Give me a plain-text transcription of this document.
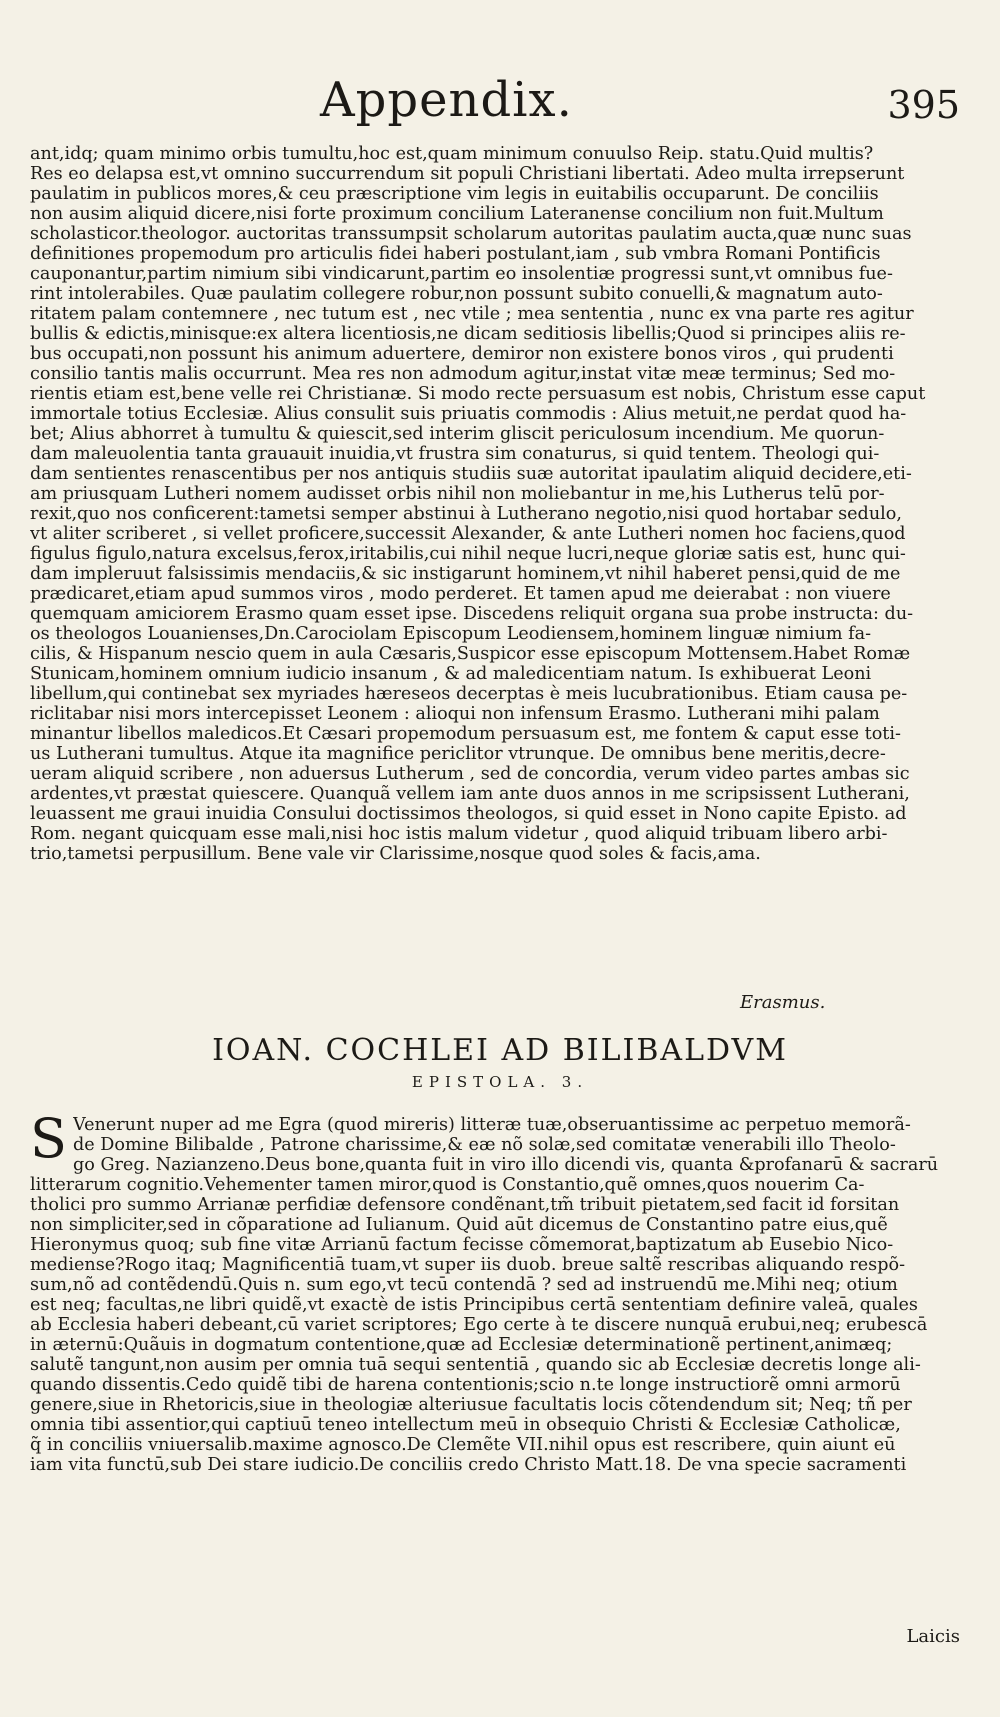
Appendix.	395
ant,idq; quam minimo orbis tumultu,hoc est,quam minimum conuulso Reip. statu.Quid multis?
Res eo delapsa est,vt omnino succurrendum sit populi Christiani libertati. Adeo multa irrepserunt
paulatim in publicos mores,& ceu præscriptione vim legis in euitabilis occuparunt. De conciliis
non ausim aliquid dicere,nisi forte proximum concilium Lateranense concilium non fuit.Multum
scholasticor.theologor. auctoritas transsumpsit scholarum autoritas paulatim aucta,quæ nunc suas
definitiones propemodum pro articulis fidei haberi postulant,iam , sub vmbra Romani Pontificis
cauponantur,partim nimium sibi vindicarunt,partim eo insolentiæ progressi sunt,vt omnibus fue-
rint intolerabiles. Quæ paulatim collegere robur,non possunt subito conuelli,& magnatum auto-
ritatem palam contemnere , nec tutum est , nec vtile ; mea sententia , nunc ex vna parte res agitur
bullis & edictis,minisque:ex altera licentiosis,ne dicam seditiosis libellis;Quod si principes aliis re-
bus occupati,non possunt his animum aduertere, demiror non existere bonos viros , qui prudenti
consilio tantis malis occurrunt. Mea res non admodum agitur,instat vitæ meæ terminus; Sed mo-
rientis etiam est,bene velle rei Christianæ. Si modo recte persuasum est nobis, Christum esse caput
immortale totius Ecclesiæ. Alius consulit suis priuatis commodis : Alius metuit,ne perdat quod ha-
bet; Alius abhorret à tumultu & quiescit,sed interim gliscit periculosum incendium. Me quorun-
dam maleuolentia tanta grauauit inuidia,vt frustra sim conaturus, si quid tentem. Theologi qui-
dam sentientes renascentibus per nos antiquis studiis suæ autoritat ipaulatim aliquid decidere,eti-
am priusquam Lutheri nomem audisset orbis nihil non moliebantur in me,his Lutherus telū por-
rexit,quo nos conficerent:tametsi semper abstinui à Lutherano negotio,nisi quod hortabar sedulo,
vt aliter scriberet , si vellet proficere,successit Alexander, & ante Lutheri nomen hoc faciens,quod
figulus figulo,natura excelsus,ferox,iritabilis,cui nihil neque lucri,neque gloriæ satis est, hunc qui-
dam impleruut falsissimis mendaciis,& sic instigarunt hominem,vt nihil haberet pensi,quid de me
prædicaret,etiam apud summos viros , modo perderet. Et tamen apud me deierabat : non viuere
quemquam amiciorem Erasmo quam esset ipse. Discedens reliquit organa sua probe instructa: du-
os theologos Louanienses,Dn.Carociolam Episcopum Leodiensem,hominem linguæ nimium fa-
cilis, & Hispanum nescio quem in aula Cæsaris,Suspicor esse episcopum Mottensem.Habet Romæ
Stunicam,hominem omnium iudicio insanum , & ad maledicentiam natum. Is exhibuerat Leoni
libellum,qui continebat sex myriades hæreseos decerptas è meis lucubrationibus. Etiam causa pe-
riclitabar nisi mors intercepisset Leonem : alioqui non infensum Erasmo. Lutherani mihi palam
minantur libellos maledicos.Et Cæsari propemodum persuasum est, me fontem & caput esse toti-
us Lutherani tumultus. Atque ita magnifice periclitor vtrunque. De omnibus bene meritis,decre-
ueram aliquid scribere , non aduersus Lutherum , sed de concordia, verum video partes ambas sic
ardentes,vt præstat quiescere. Quanquã vellem iam ante duos annos in me scripsissent Lutherani,
leuassent me graui inuidia Consului doctissimos theologos, si quid esset in Nono capite Episto. ad
Rom. negant quicquam esse mali,nisi hoc istis malum videtur , quod aliquid tribuam libero arbi-
trio,tametsi perpusillum. Bene vale vir Clarissime,nosque quod soles & facis,ama.
Erasmus.
IOAN. COCHLEI AD BILIBALDVM
EPISTOLA. 3.
S Venerunt nuper ad me Egra (quod mireris) litteræ tuæ,obseruantissime ac perpetuo memorã-
de Domine Bilibalde , Patrone charissime,& eæ nõ solæ,sed comitatæ venerabili illo Theolo-
go Greg. Nazianzeno.Deus bone,quanta fuit in viro illo dicendi vis, quanta &profanarū & sacrarū
litterarum cognitio.Vehementer tamen miror,quod is Constantio,quẽ omnes,quos nouerim Ca-
tholici pro summo Arrianæ perfidiæ defensore condẽnant,tm̃ tribuit pietatem,sed facit id forsitan
non simpliciter,sed in cõparatione ad Iulianum. Quid aūt dicemus de Constantino patre eius,quẽ
Hieronymus quoq; sub fine vitæ Arrianū factum fecisse cõmemorat,baptizatum ab Eusebio Nico-
mediense?Rogo itaq; Magnificentiā tuam,vt super iis duob. breue saltẽ rescribas aliquando respõ-
sum,nõ ad contẽdendū.Quis n. sum ego,vt tecū contendā ? sed ad instruendū me.Mihi neq; otium
est neq; facultas,ne libri quidẽ,vt exactè de istis Principibus certā sententiam definire valeā, quales
ab Ecclesia haberi debeant,cū variet scriptores; Ego certe à te discere nunquā erubui,neq; erubescā
in æternū:Quãuis in dogmatum contentione,quæ ad Ecclesiæ determinationẽ pertinent,animæq;
salutẽ tangunt,non ausim per omnia tuā sequi sententiā , quando sic ab Ecclesiæ decretis longe ali-
quando dissentis.Cedo quidẽ tibi de harena contentionis;scio n.te longe instructiorẽ omni armorū
genere,siue in Rhetoricis,siue in theologiæ alteriusue facultatis locis cõtendendum sit; Neq; tñ per
omnia tibi assentior,qui captiuū teneo intellectum meū in obsequio Christi & Ecclesiæ Catholicæ,
q̃ in conciliis vniuersalib.maxime agnosco.De Clemẽte VII.nihil opus est rescribere, quin aiunt eū
iam vita functū,sub Dei stare iudicio.De conciliis credo Christo Matt.18. De vna specie sacramenti
Laicis
